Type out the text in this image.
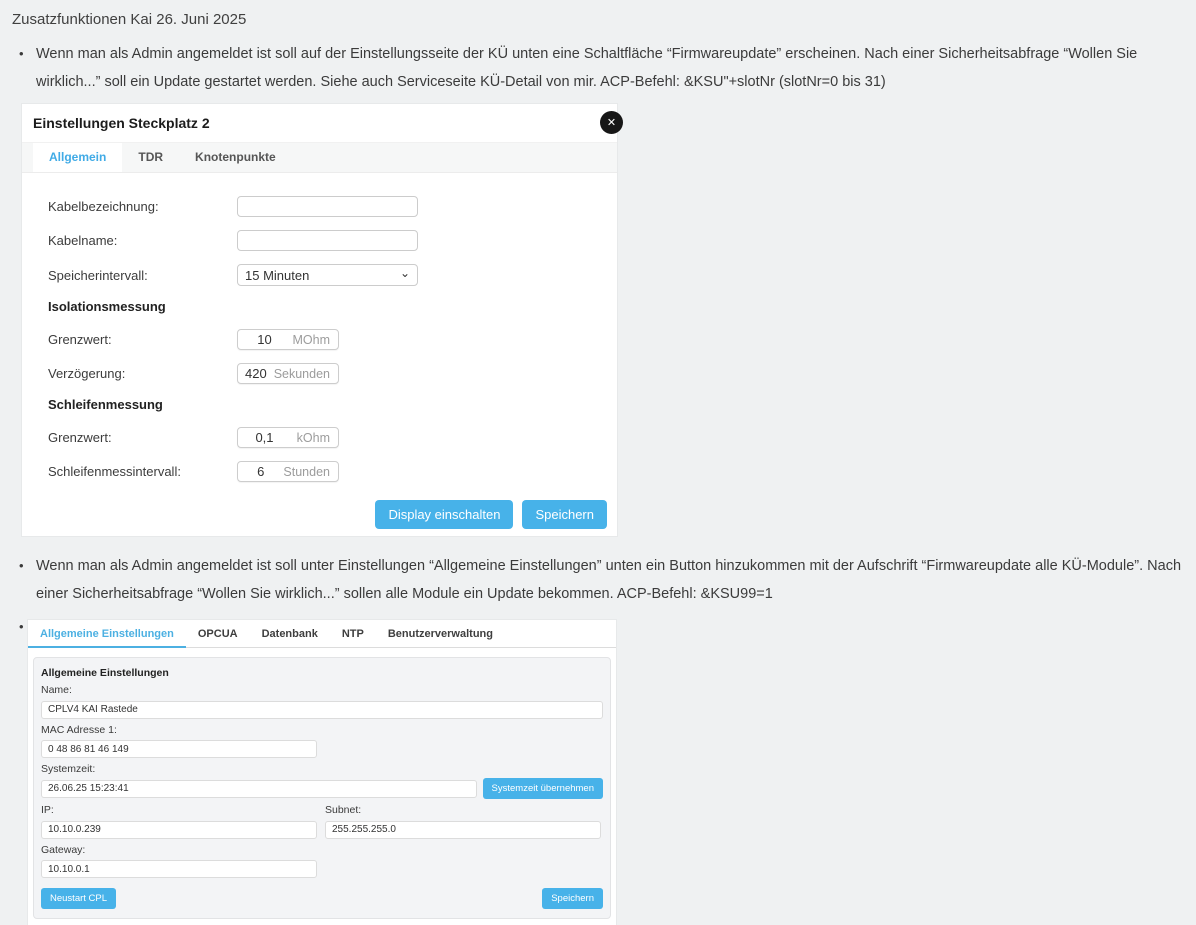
Zusatzfunktionen Kai 26. Juni 2025
• Wenn man als Admin angemeldet ist soll auf der Einstellungsseite der KÜ unten eine Schaltfläche “Firmwareupdate” erscheinen. Nach einer Sicherheitsabfrage “Wollen Sie wirklich...” soll ein Update gestartet werden. Siehe auch Serviceseite KÜ-Detail von mir. ACP-Befehl: &KSU"+slotNr (slotNr=0 bis 31)
Einstellungen Steckplatz 2	✕
Allgemein	TDR	Knotenpunkte
Kabelbezeichnung:
Kabelname:
Speicherintervall:	15 Minuten	⌄
Isolationsmessung
Grenzwert:
10	MOhm
Verzögerung:
420	Sekunden
Schleifenmessung
Grenzwert:
0,1	kOhm
Schleifenmessintervall:
6	Stunden
Display einschalten	Speichern
• Wenn man als Admin angemeldet ist soll unter Einstellungen “Allgemeine Einstellungen” unten ein Button hinzukommen mit der Aufschrift “Firmwareupdate alle KÜ-Module”. Nach einer Sicherheitsabfrage “Wollen Sie wirklich...” sollen alle Module ein Update bekommen. ACP-Befehl: &KSU99=1
•	Allgemeine Einstellungen	OPCUA	Datenbank	NTP	Benutzerverwaltung
Allgemeine Einstellungen
Name:
CPLV4 KAI Rastede
MAC Adresse 1:
0 48 86 81 46 149
Systemzeit:
26.06.25 15:23:41
Systemzeit übernehmen
IP:
10.10.0.239	Subnet:
255.255.255.0
Gateway:
10.10.0.1
Neustart CPL	Speichern
